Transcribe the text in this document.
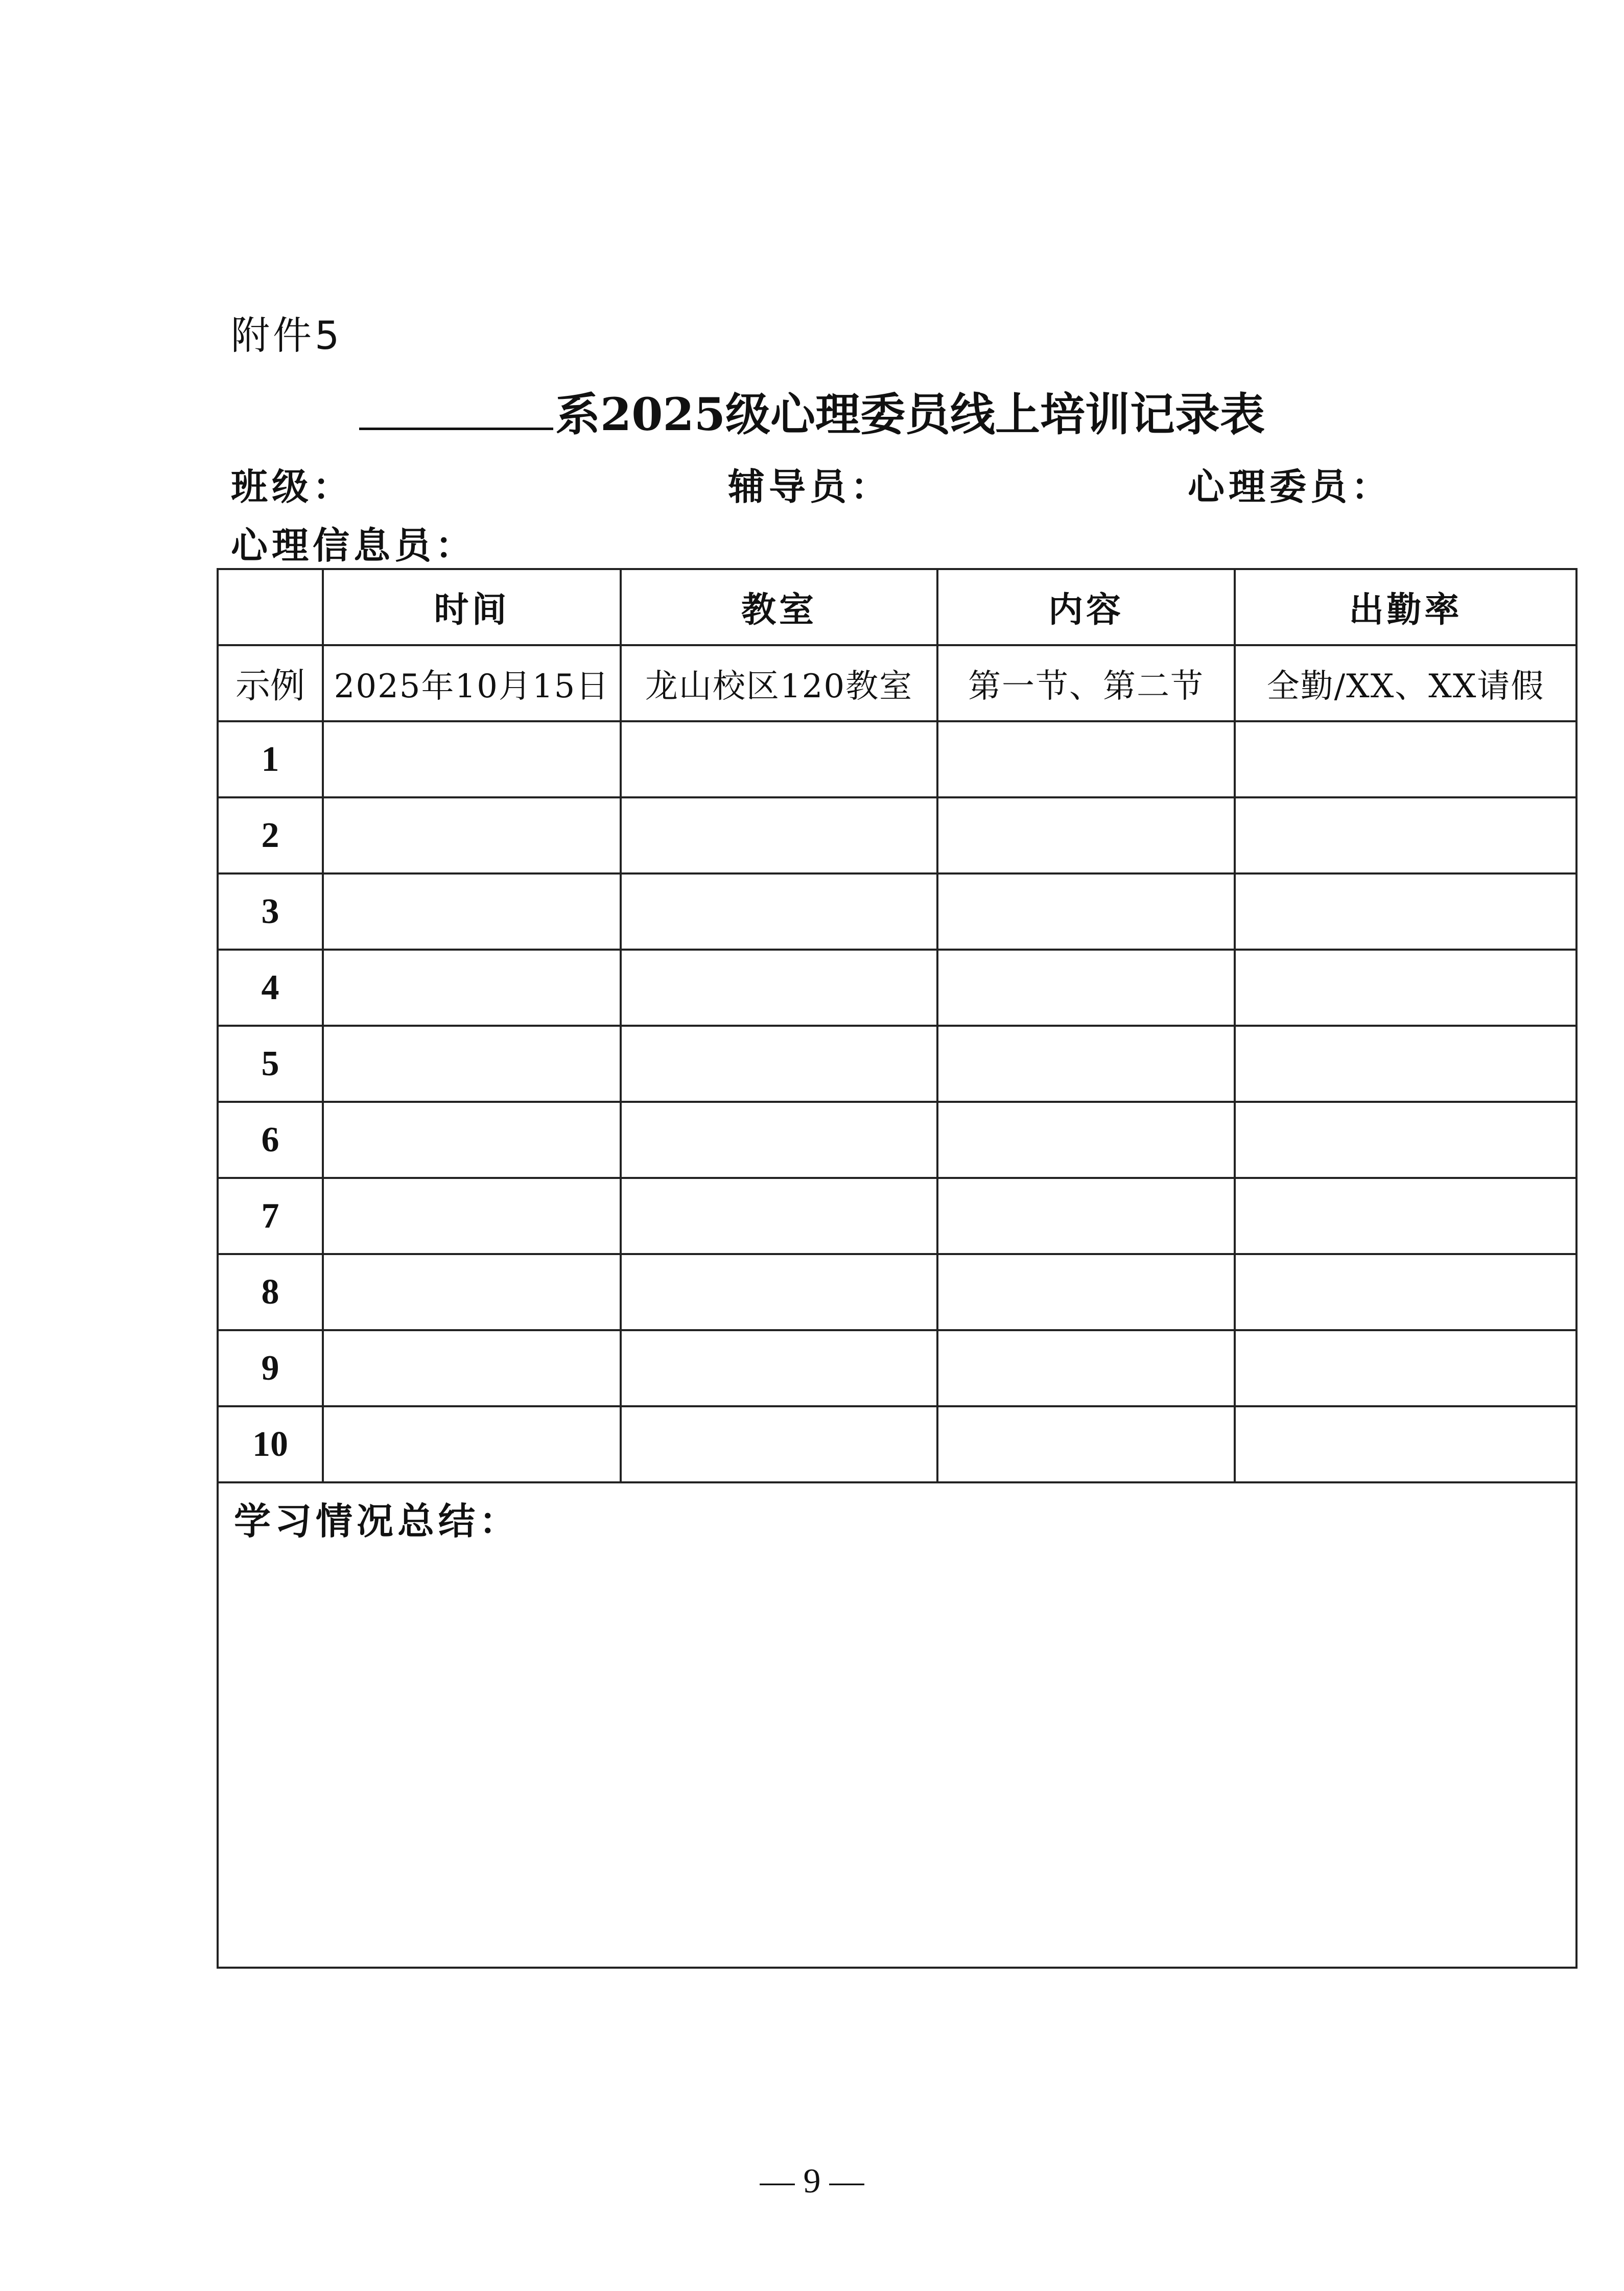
附件5
系2025级心理委员线上培训记录表
班级：	辅导员：	心理委员：
心理信息员：
	时间	教室	内容	出勤率
示例	2025年10月15日	龙山校区120教室	第一节、第二节	全勤/XX、XX请假
1				
2				
3				
4				
5				
6				
7				
8				
9				
10				
学习情况总结：				
— 9 —
